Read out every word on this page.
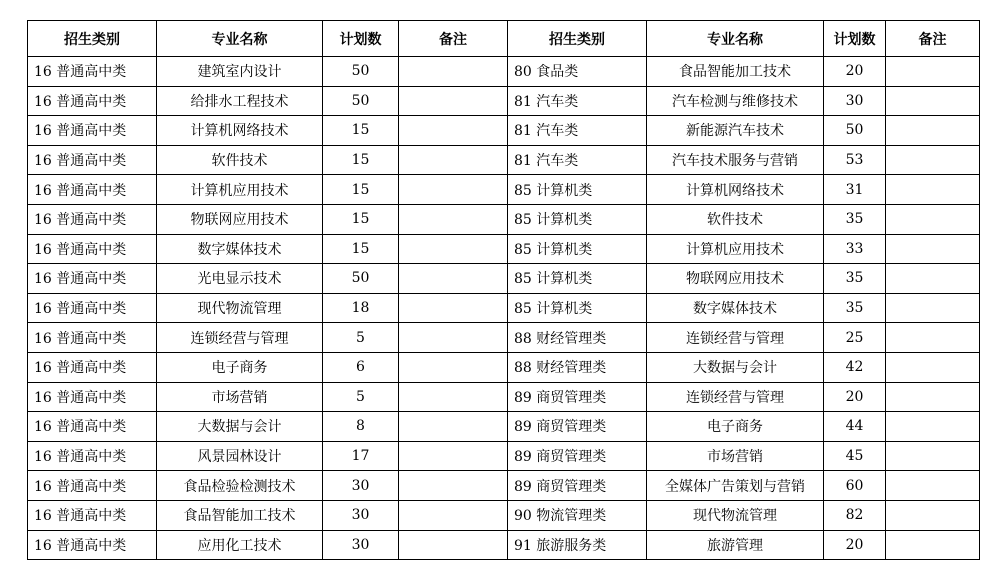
招生类别	专业名称	计划数	备注	招生类别	专业名称	计划数	备注
16 普通高中类	建筑室内设计	50		80 食品类	食品智能加工技术	20	
16 普通高中类	给排水工程技术	50		81 汽车类	汽车检测与维修技术	30	
16 普通高中类	计算机网络技术	15		81 汽车类	新能源汽车技术	50	
16 普通高中类	软件技术	15		81 汽车类	汽车技术服务与营销	53	
16 普通高中类	计算机应用技术	15		85 计算机类	计算机网络技术	31	
16 普通高中类	物联网应用技术	15		85 计算机类	软件技术	35	
16 普通高中类	数字媒体技术	15		85 计算机类	计算机应用技术	33	
16 普通高中类	光电显示技术	50		85 计算机类	物联网应用技术	35	
16 普通高中类	现代物流管理	18		85 计算机类	数字媒体技术	35	
16 普通高中类	连锁经营与管理	5		88 财经管理类	连锁经营与管理	25	
16 普通高中类	电子商务	6		88 财经管理类	大数据与会计	42	
16 普通高中类	市场营销	5		89 商贸管理类	连锁经营与管理	20	
16 普通高中类	大数据与会计	8		89 商贸管理类	电子商务	44	
16 普通高中类	风景园林设计	17		89 商贸管理类	市场营销	45	
16 普通高中类	食品检验检测技术	30		89 商贸管理类	全媒体广告策划与营销	60	
16 普通高中类	食品智能加工技术	30		90 物流管理类	现代物流管理	82	
16 普通高中类	应用化工技术	30		91 旅游服务类	旅游管理	20	
